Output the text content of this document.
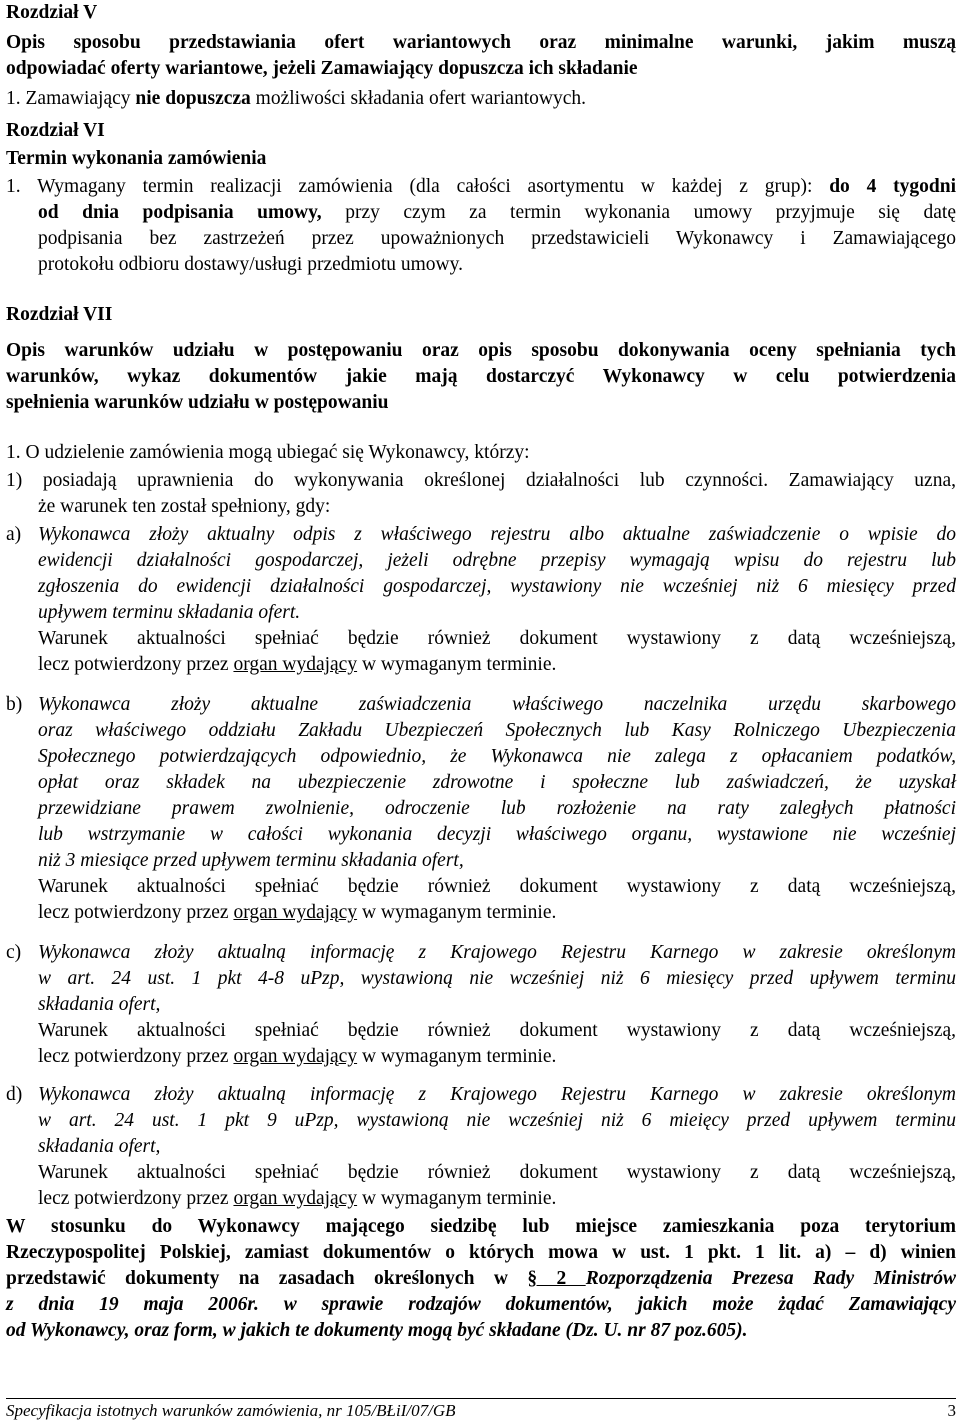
Rozdział V
Opis sposobu przedstawiania ofert wariantowych oraz minimalne warunki, jakim muszą
odpowiadać oferty wariantowe, jeżeli Zamawiający dopuszcza ich składanie
1. Zamawiający nie dopuszcza możliwości składania ofert wariantowych.
Rozdział VI
Termin wykonania zamówienia
1. Wymagany termin realizacji zamówienia (dla całości asortymentu w każdej z grup): do 4 tygodni
od dnia podpisania umowy, przy czym za termin wykonania umowy przyjmuje się datę
podpisania bez zastrzeżeń przez upoważnionych przedstawicieli Wykonawcy i Zamawiającego
protokołu odbioru dostawy/usługi przedmiotu umowy.
Rozdział VII
Opis warunków udziału w postępowaniu oraz opis sposobu dokonywania oceny spełniania tych
warunków, wykaz dokumentów jakie mają dostarczyć Wykonawcy w celu potwierdzenia
spełnienia warunków udziału w postępowaniu
1. O udzielenie zamówienia mogą ubiegać się Wykonawcy, którzy:
1) posiadają uprawnienia do wykonywania określonej działalności lub czynności. Zamawiający uzna,
że warunek ten został spełniony, gdy:
a) Wykonawca złoży aktualny odpis z właściwego rejestru albo aktualne zaświadczenie o wpisie do
ewidencji działalności gospodarczej, jeżeli odrębne przepisy wymagają wpisu do rejestru lub
zgłoszenia do ewidencji działalności gospodarczej, wystawiony nie wcześniej niż 6 miesięcy przed
upływem terminu składania ofert.
Warunek aktualności spełniać będzie również dokument wystawiony z datą wcześniejszą,
lecz potwierdzony przez organ wydający w wymaganym terminie.
b) Wykonawca złoży aktualne zaświadczenia właściwego naczelnika urzędu skarbowego
oraz właściwego oddziału Zakładu Ubezpieczeń Społecznych lub Kasy Rolniczego Ubezpieczenia
Społecznego potwierdzających odpowiednio, że Wykonawca nie zalega z opłacaniem podatków,
opłat oraz składek na ubezpieczenie zdrowotne i społeczne lub zaświadczeń, że uzyskał
przewidziane prawem zwolnienie, odroczenie lub rozłożenie na raty zaległych płatności
lub wstrzymanie w całości wykonania decyzji właściwego organu, wystawione nie wcześniej
niż 3 miesiące przed upływem terminu składania ofert,
Warunek aktualności spełniać będzie również dokument wystawiony z datą wcześniejszą,
lecz potwierdzony przez organ wydający w wymaganym terminie.
c) Wykonawca złoży aktualną informację z Krajowego Rejestru Karnego w zakresie określonym
w art. 24 ust. 1 pkt 4-8 uPzp, wystawioną nie wcześniej niż 6 miesięcy przed upływem terminu
składania ofert,
Warunek aktualności spełniać będzie również dokument wystawiony z datą wcześniejszą,
lecz potwierdzony przez organ wydający w wymaganym terminie.
d) Wykonawca złoży aktualną informację z Krajowego Rejestru Karnego w zakresie określonym
w art. 24 ust. 1 pkt 9 uPzp, wystawioną nie wcześniej niż 6 mieięcy przed upływem terminu
składania ofert,
Warunek aktualności spełniać będzie również dokument wystawiony z datą wcześniejszą,
lecz potwierdzony przez organ wydający w wymaganym terminie.
W stosunku do Wykonawcy mającego siedzibę lub miejsce zamieszkania poza terytorium
Rzeczypospolitej Polskiej, zamiast dokumentów o których mowa w ust. 1 pkt. 1 lit. a) – d) winien
przedstawić dokumenty na zasadach określonych w § 2 Rozporządzenia Prezesa Rady Ministrów
z dnia 19 maja 2006r. w sprawie rodzajów dokumentów, jakich może żądać Zamawiający
od Wykonawcy, oraz form, w jakich te dokumenty mogą być składane (Dz. U. nr 87 poz.605).
Specyfikacja istotnych warunków zamówienia, nr 105/BŁiI/07/GB	3
